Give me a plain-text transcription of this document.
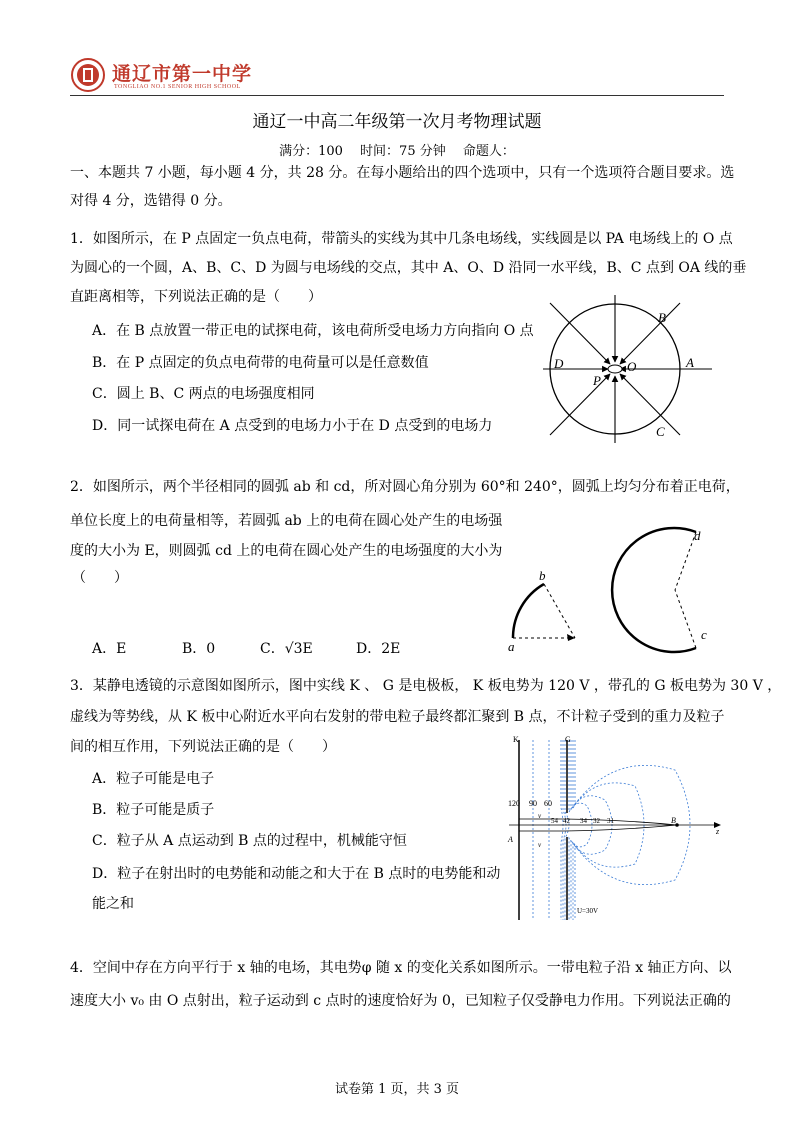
通辽市第一中学
TONGLIAO NO.1 SENIOR HIGH SCHOOL
通辽一中高二年级第一次月考物理试题
满分：100　 时间：75 分钟　 命题人：
一、本题共 7 小题，每小题 4 分，共 28 分。在每小题给出的四个选项中，只有一个选项符合题目要求。选
对得 4 分，选错得 0 分。
1．如图所示，在 P 点固定一负点电荷，带箭头的实线为其中几条电场线，实线圆是以 PA 电场线上的 O 点
为圆心的一个圆，A、B、C、D 为圆与电场线的交点，其中 A、O、D 沿同一水平线，B、C 点到 OA 线的垂
直距离相等，下列说法正确的是（　　）
A．在 B 点放置一带正电的试探电荷，该电荷所受电场力方向指向 O 点
B．在 P 点固定的负点电荷带的电荷量可以是任意数值
C．圆上 B、C 两点的电场强度相同
D．同一试探电荷在 A 点受到的电场力小于在 D 点受到的电场力
B
D	O	A
P
C
2．如图所示，两个半径相同的圆弧 ab 和 cd，所对圆心角分别为 60°和 240°，圆弧上均匀分布着正电荷，
单位长度上的电荷量相等，若圆弧 ab 上的电荷在圆心处产生的电场强
度的大小为 E，则圆弧 cd 上的电荷在圆心处产生的电场强度的大小为
（　　）
A．E	B．0	C．√3E	D．2E	a
b
d
c
3．某静电透镜的示意图如图所示，图中实线 K 、 G 是电极板， K 板电势为 120 V ，带孔的 G 板电势为 30 V ，
虚线为等势线，从 K 板中心附近水平向右发射的带电粒子最终都汇聚到 B 点，不计粒子受到的重力及粒子
间的相互作用，下列说法正确的是（　　）
A．粒子可能是电子
B．粒子可能是质子
C．粒子从 A 点运动到 B 点的过程中，机械能守恒
D．粒子在射出时的电势能和动能之和大于在 B 点时的电势能和动
能之和
K	G
120 90 60
54 42 34 32 31
v
v
A
B
z
U=30V
4．空间中存在方向平行于 x 轴的电场，其电势φ 随 x 的变化关系如图所示。一带电粒子沿 x 轴正方向、以
速度大小 v₀ 由 O 点射出，粒子运动到 c 点时的速度恰好为 0，已知粒子仅受静电力作用。下列说法正确的
试卷第 1 页，共 3 页
